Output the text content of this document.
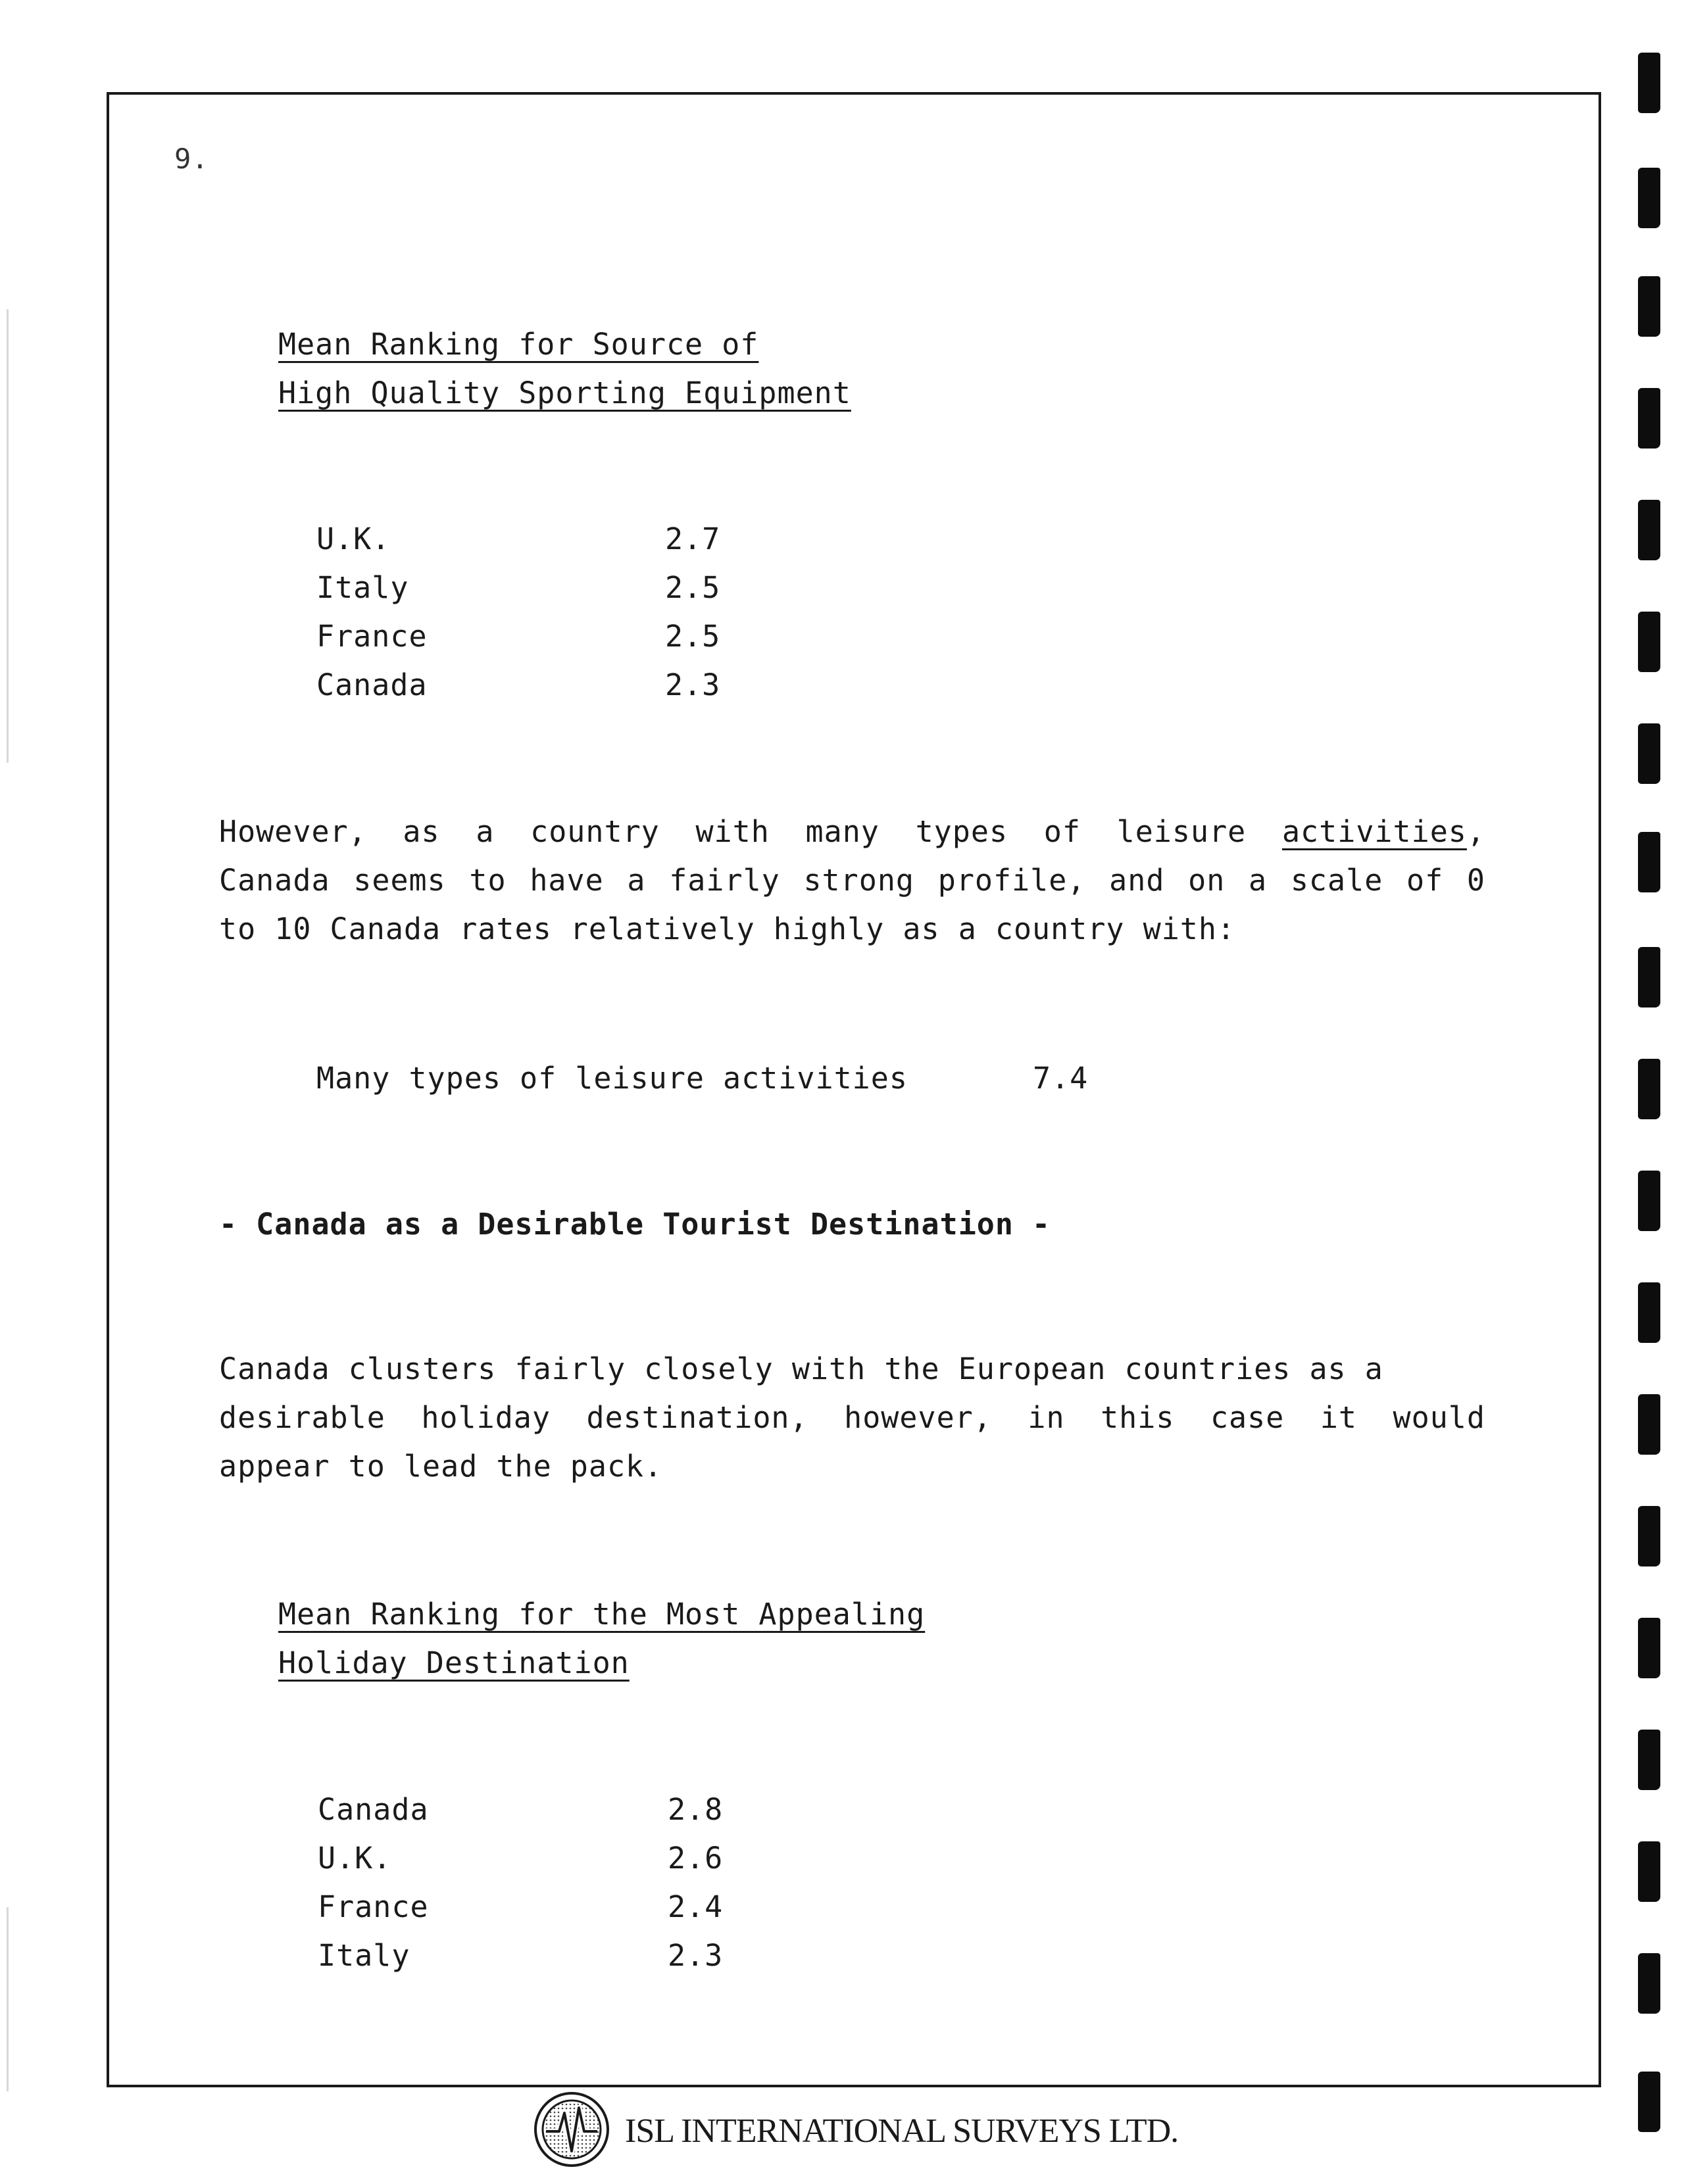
9.
Mean Ranking for Source of
High Quality Sporting Equipment
U.K.	2.7
Italy	2.5
France	2.5
Canada	2.3
However, as a country with many types of leisure activities,
Canada seems to have a fairly strong profile, and on a scale of 0
to 10 Canada rates relatively highly as a country with:
Many types of leisure activities	7.4
- Canada as a Desirable Tourist Destination -
Canada clusters fairly closely with the European countries as a
desirable holiday destination, however, in this case it would
appear to lead the pack.
Mean Ranking for the Most Appealing
Holiday Destination
Canada	2.8
U.K.	2.6
France	2.4
Italy	2.3
ISL INTERNATIONAL SURVEYS LTD.
